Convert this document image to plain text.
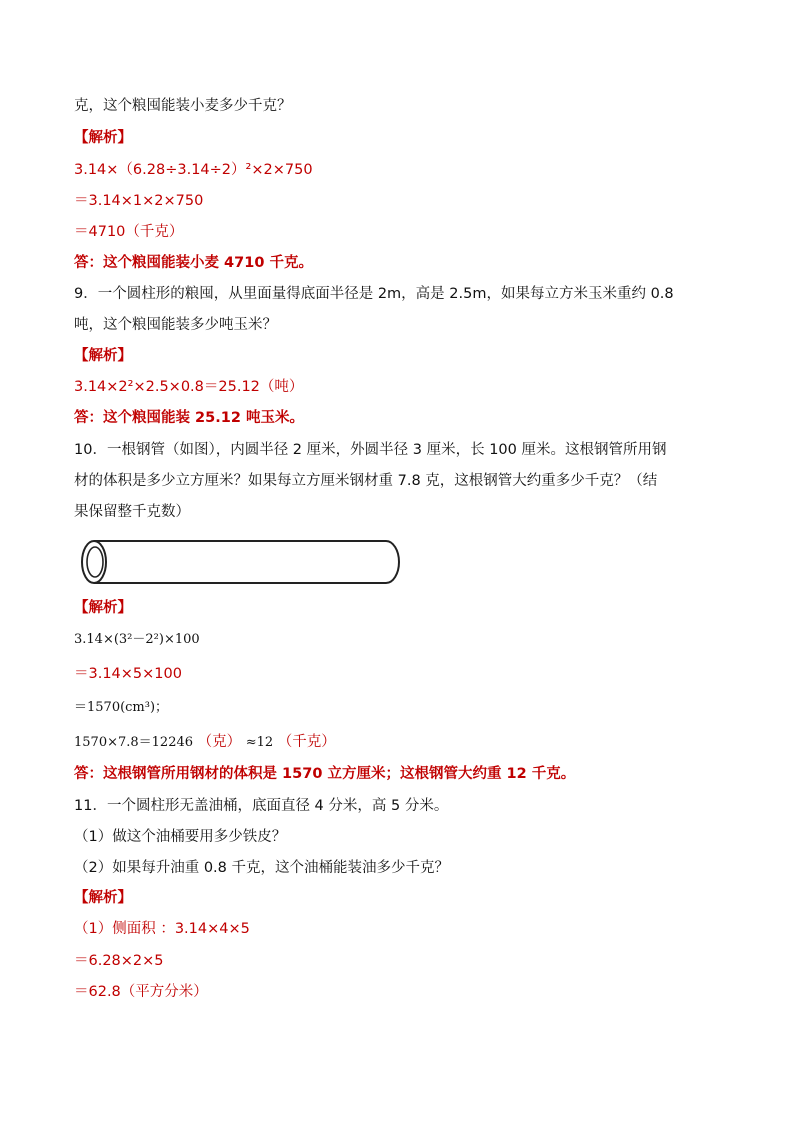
克，这个粮囤能装小麦多少千克？
【解析】
3.14×（6.28÷3.14÷2）²×2×750
＝3.14×1×2×750
＝4710（千克）
答：这个粮囤能装小麦 4710 千克。
9．一个圆柱形的粮囤，从里面量得底面半径是 2m，高是 2.5m，如果每立方米玉米重约 0.8
吨，这个粮囤能装多少吨玉米？
【解析】
3.14×2²×2.5×0.8＝25.12（吨）
答：这个粮囤能装 25.12 吨玉米。
10．一根钢管（如图），内圆半径 2 厘米，外圆半径 3 厘米，长 100 厘米。这根钢管所用钢
材的体积是多少立方厘米？如果每立方厘米钢材重 7.8 克，这根钢管大约重多少千克？（结
果保留整千克数）
【解析】
3.14×(3²－2²)×100
＝3.14×5×100
＝1570(cm³)；
1570×7.8＝12246 （克） ≈12 （千克）
答：这根钢管所用钢材的体积是 1570 立方厘米；这根钢管大约重 12 千克。
11．一个圆柱形无盖油桶，底面直径 4 分米，高 5 分米。
（1）做这个油桶要用多少铁皮？
（2）如果每升油重 0.8 千克，这个油桶能装油多少千克？
【解析】
（1）侧面积 ：3.14×4×5
＝6.28×2×5
＝62.8（平方分米）
